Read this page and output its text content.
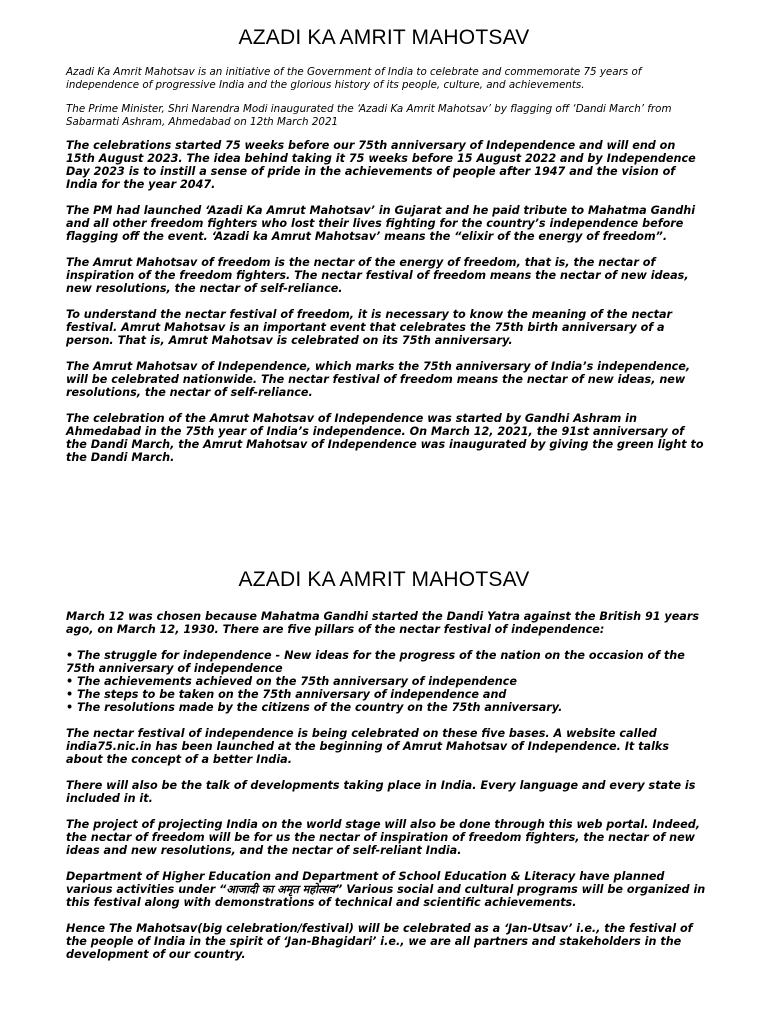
AZADI KA AMRIT MAHOTSAV

Azadi Ka Amrit Mahotsav is an initiative of the Government of India to celebrate and commemorate 75 years of independence of progressive India and the glorious history of its people, culture, and achievements.

The Prime Minister, Shri Narendra Modi inaugurated the ‘Azadi Ka Amrit Mahotsav’ by flagging off ‘Dandi March’ from Sabarmati Ashram, Ahmedabad on 12th March 2021

The celebrations started 75 weeks before our 75th anniversary of Independence and will end on 15th August 2023. The idea behind taking it 75 weeks before 15 August 2022 and by Independence Day 2023 is to instill a sense of pride in the achievements of people after 1947 and the vision of India for the year 2047.

The PM had launched ‘Azadi Ka Amrut Mahotsav’ in Gujarat and he paid tribute to Mahatma Gandhi and all other freedom fighters who lost their lives fighting for the country’s independence before flagging off the event. ‘Azadi ka Amrut Mahotsav’ means the “elixir of the energy of freedom”.

The Amrut Mahotsav of freedom is the nectar of the energy of freedom, that is, the nectar of inspiration of the freedom fighters. The nectar festival of freedom means the nectar of new ideas, new resolutions, the nectar of self-reliance.

To understand the nectar festival of freedom, it is necessary to know the meaning of the nectar festival. Amrut Mahotsav is an important event that celebrates the 75th birth anniversary of a person. That is, Amrut Mahotsav is celebrated on its 75th anniversary.

The Amrut Mahotsav of Independence, which marks the 75th anniversary of India’s independence, will be celebrated nationwide. The nectar festival of freedom means the nectar of new ideas, new resolutions, the nectar of self-reliance.

The celebration of the Amrut Mahotsav of Independence was started by Gandhi Ashram in Ahmedabad in the 75th year of India’s independence. On March 12, 2021, the 91st anniversary of the Dandi March, the Amrut Mahotsav of Independence was inaugurated by giving the green light to the Dandi March.

AZADI KA AMRIT MAHOTSAV

March 12 was chosen because Mahatma Gandhi started the Dandi Yatra against the British 91 years ago, on March 12, 1930. There are five pillars of the nectar festival of independence:

• The struggle for independence - New ideas for the progress of the nation on the occasion of the 75th anniversary of independence

• The achievements achieved on the 75th anniversary of independence

• The steps to be taken on the 75th anniversary of independence and

• The resolutions made by the citizens of the country on the 75th anniversary.

The nectar festival of independence is being celebrated on these five bases. A website called india75.nic.in has been launched at the beginning of Amrut Mahotsav of Independence. It talks about the concept of a better India.

There will also be the talk of developments taking place in India. Every language and every state is included in it.

The project of projecting India on the world stage will also be done through this web portal. Indeed, the nectar of freedom will be for us the nectar of inspiration of freedom fighters, the nectar of new ideas and new resolutions, and the nectar of self-reliant India.

Department of Higher Education and Department of School Education & Literacy have planned various activities under “आजादी का अमृत महोत्सव” Various social and cultural programs will be organized in this festival along with demonstrations of technical and scientific achievements.

Hence The Mahotsav(big celebration/festival) will be celebrated as a ‘Jan-Utsav’ i.e., the festival of the people of India in the spirit of ‘Jan-Bhagidari’ i.e., we are all partners and stakeholders in the development of our country.
